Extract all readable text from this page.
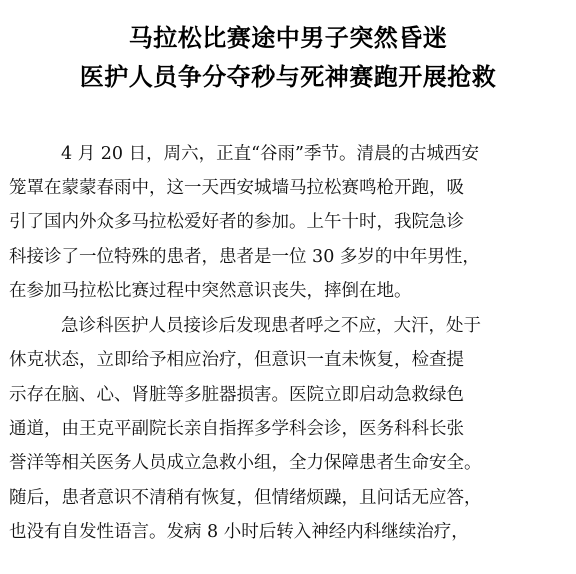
马拉松比赛途中男子突然昏迷
医护人员争分夺秒与死神赛跑开展抢救
4 月 20 日，周六，正直“谷雨”季节。清晨的古城西安
笼罩在蒙蒙春雨中，这一天西安城墙马拉松赛鸣枪开跑，吸
引了国内外众多马拉松爱好者的参加。上午十时，我院急诊
科接诊了一位特殊的患者，患者是一位 30 多岁的中年男性，
在参加马拉松比赛过程中突然意识丧失，摔倒在地。
急诊科医护人员接诊后发现患者呼之不应，大汗，处于
休克状态，立即给予相应治疗，但意识一直未恢复，检查提
示存在脑、心、肾脏等多脏器损害。医院立即启动急救绿色
通道，由王克平副院长亲自指挥多学科会诊，医务科科长张
誉洋等相关医务人员成立急救小组，全力保障患者生命安全。
随后，患者意识不清稍有恢复，但情绪烦躁，且问话无应答，
也没有自发性语言。发病 8 小时后转入神经内科继续治疗，
